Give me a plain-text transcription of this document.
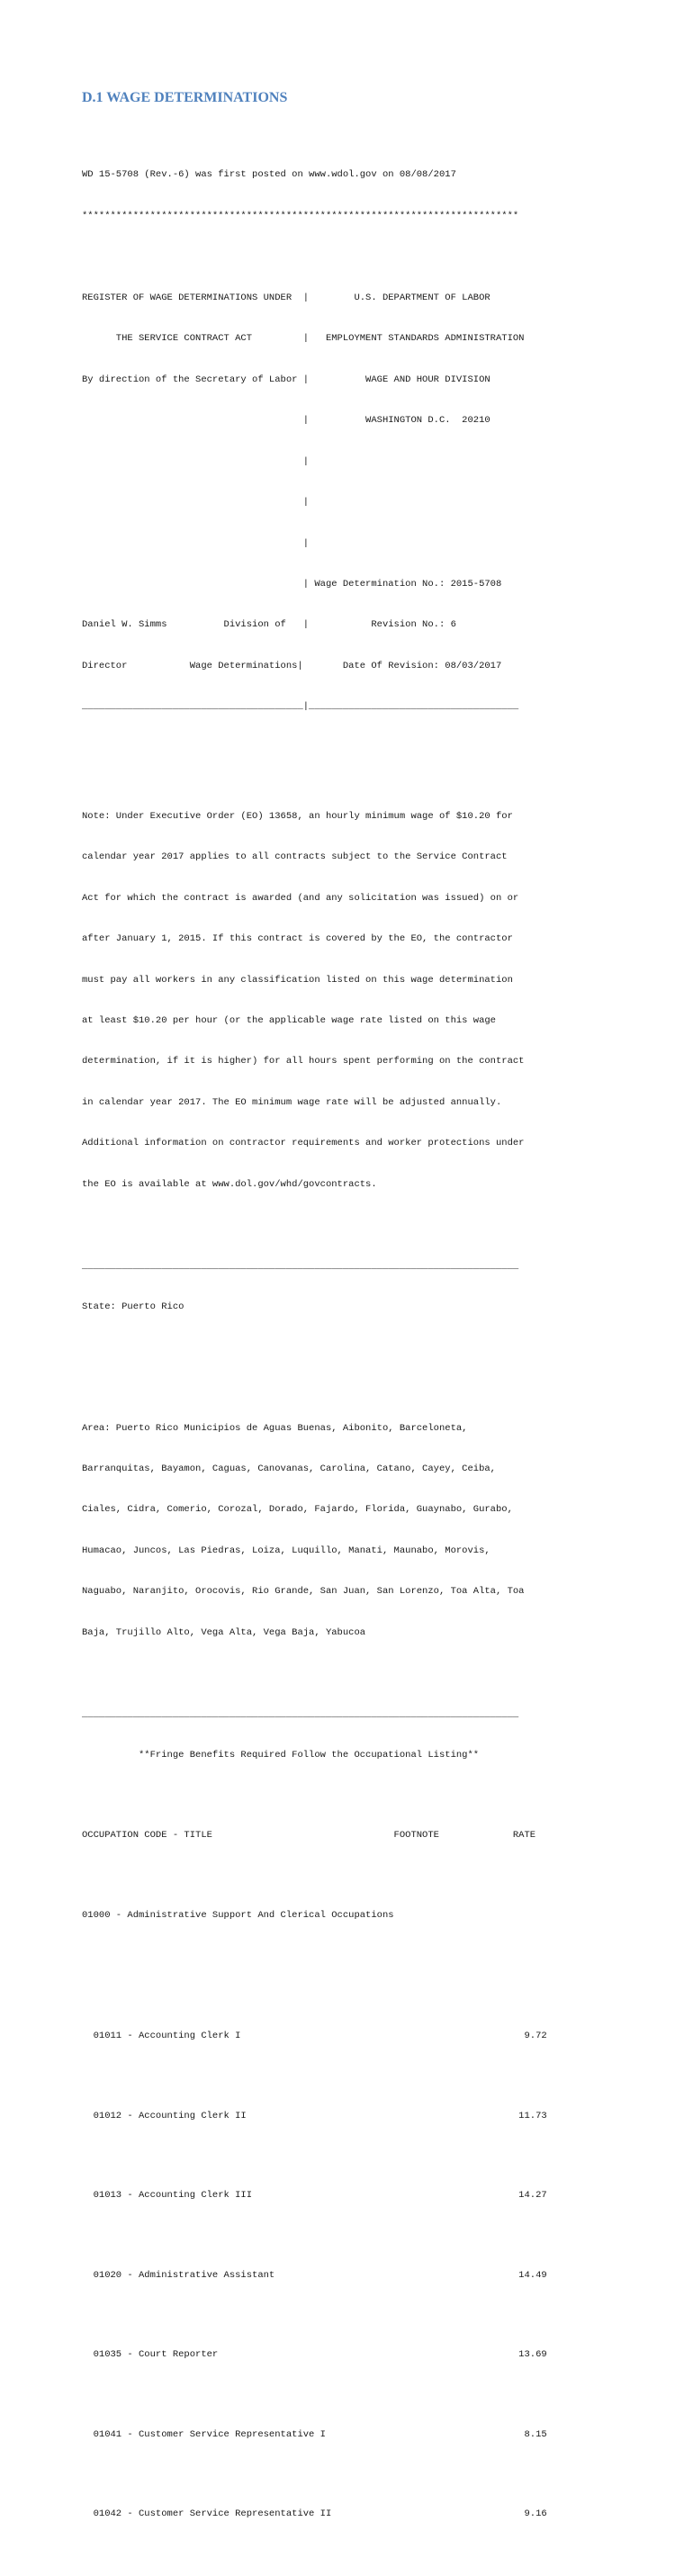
D.1 WAGE DETERMINATIONS

WD 15-5708 (Rev.-6) was first posted on www.wdol.gov on 08/08/2017

*****************************************************************************

REGISTER OF WAGE DETERMINATIONS UNDER  |        U.S. DEPARTMENT OF LABOR

THE SERVICE CONTRACT ACT         |   EMPLOYMENT STANDARDS ADMINISTRATION

By direction of the Secretary of Labor |          WAGE AND HOUR DIVISION

|          WASHINGTON D.C.  20210

|

|

|

| Wage Determination No.: 2015-5708

Daniel W. Simms          Division of   |           Revision No.: 6

Director           Wage Determinations|       Date Of Revision: 08/03/2017

_______________________________________|_____________________________________

Note: Under Executive Order (EO) 13658, an hourly minimum wage of $10.20 for

calendar year 2017 applies to all contracts subject to the Service Contract

Act for which the contract is awarded (and any solicitation was issued) on or

after January 1, 2015. If this contract is covered by the EO, the contractor

must pay all workers in any classification listed on this wage determination

at least $10.20 per hour (or the applicable wage rate listed on this wage

determination, if it is higher) for all hours spent performing on the contract

in calendar year 2017. The EO minimum wage rate will be adjusted annually.

Additional information on contractor requirements and worker protections under

the EO is available at www.dol.gov/whd/govcontracts.

_____________________________________________________________________________

State: Puerto Rico

Area: Puerto Rico Municipios de Aguas Buenas, Aibonito, Barceloneta,

Barranquitas, Bayamon, Caguas, Canovanas, Carolina, Catano, Cayey, Ceiba,

Ciales, Cidra, Comerio, Corozal, Dorado, Fajardo, Florida, Guaynabo, Gurabo,

Humacao, Juncos, Las Piedras, Loiza, Luquillo, Manati, Maunabo, Morovis,

Naguabo, Naranjito, Orocovis, Rio Grande, San Juan, San Lorenzo, Toa Alta, Toa

Baja, Trujillo Alto, Vega Alta, Vega Baja, Yabucoa

_____________________________________________________________________________

**Fringe Benefits Required Follow the Occupational Listing**

OCCUPATION CODE - TITLE                                FOOTNOTE             RATE

01000 - Administrative Support And Clerical Occupations

01011 - Accounting Clerk I                                                  9.72

01012 - Accounting Clerk II                                                11.73

01013 - Accounting Clerk III                                               14.27

01020 - Administrative Assistant                                           14.49

01035 - Court Reporter                                                     13.69

01041 - Customer Service Representative I                                   8.15

01042 - Customer Service Representative II                                  9.16
